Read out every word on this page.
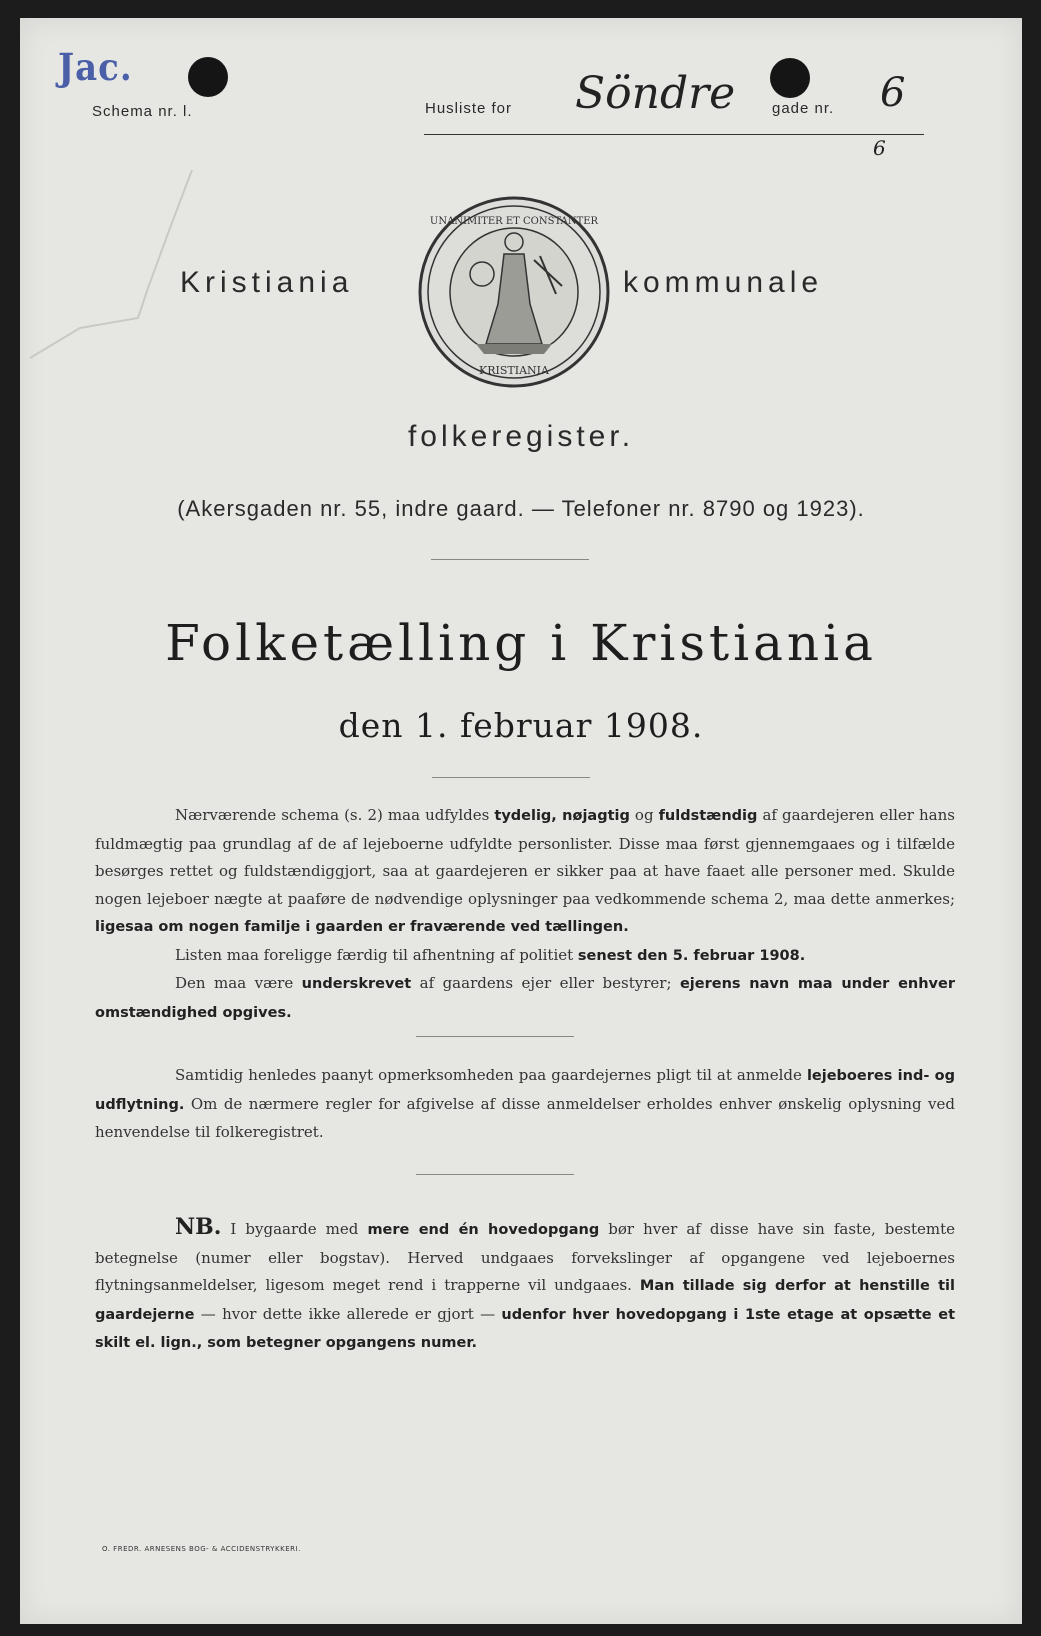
Jac.
Schema nr. l.	Husliste for Söndre gade nr. 6
6
Kristiania
UNANIMITER ET CONSTANTER
KRISTIANIA
kommunale
folkeregister.
(Akersgaden nr. 55, indre gaard. — Telefoner nr. 8790 og 1923).
Folketælling i Kristiania
den 1. februar 1908.

Nærværende schema (s. 2) maa udfyldes tydelig, nøjagtig og fuldstændig af gaardejeren eller hans fuldmægtig paa grundlag af de af lejeboerne udfyldte personlister. Disse maa først gjennemgaaes og i tilfælde besørges rettet og fuldstændiggjort, saa at gaardejeren er sikker paa at have faaet alle personer med. Skulde nogen lejeboer nægte at paaføre de nødvendige oplysninger paa vedkommende schema 2, maa dette anmerkes; ligesaa om nogen familje i gaarden er fraværende ved tællingen.

Listen maa foreligge færdig til afhentning af politiet senest den 5. februar 1908.

Den maa være underskrevet af gaardens ejer eller bestyrer; ejerens navn maa under enhver omstændighed opgives.

Samtidig henledes paanyt opmerksomheden paa gaardejernes pligt til at anmelde lejeboeres ind- og udflytning. Om de nærmere regler for afgivelse af disse anmeldelser erholdes enhver ønskelig oplysning ved henvendelse til folkeregistret.

NB. I bygaarde med mere end én hovedopgang bør hver af disse have sin faste, bestemte betegnelse (numer eller bogstav). Herved undgaaes forvekslinger af opgangene ved lejeboernes flytningsanmeldelser, ligesom meget rend i trapperne vil undgaaes. Man tillade sig derfor at henstille til gaardejerne — hvor dette ikke allerede er gjort — udenfor hver hovedopgang i 1ste etage at opsætte et skilt el. lign., som betegner opgangens numer.

O. FREDR. ARNESENS BOG- & ACCIDENSTRYKKERI.
